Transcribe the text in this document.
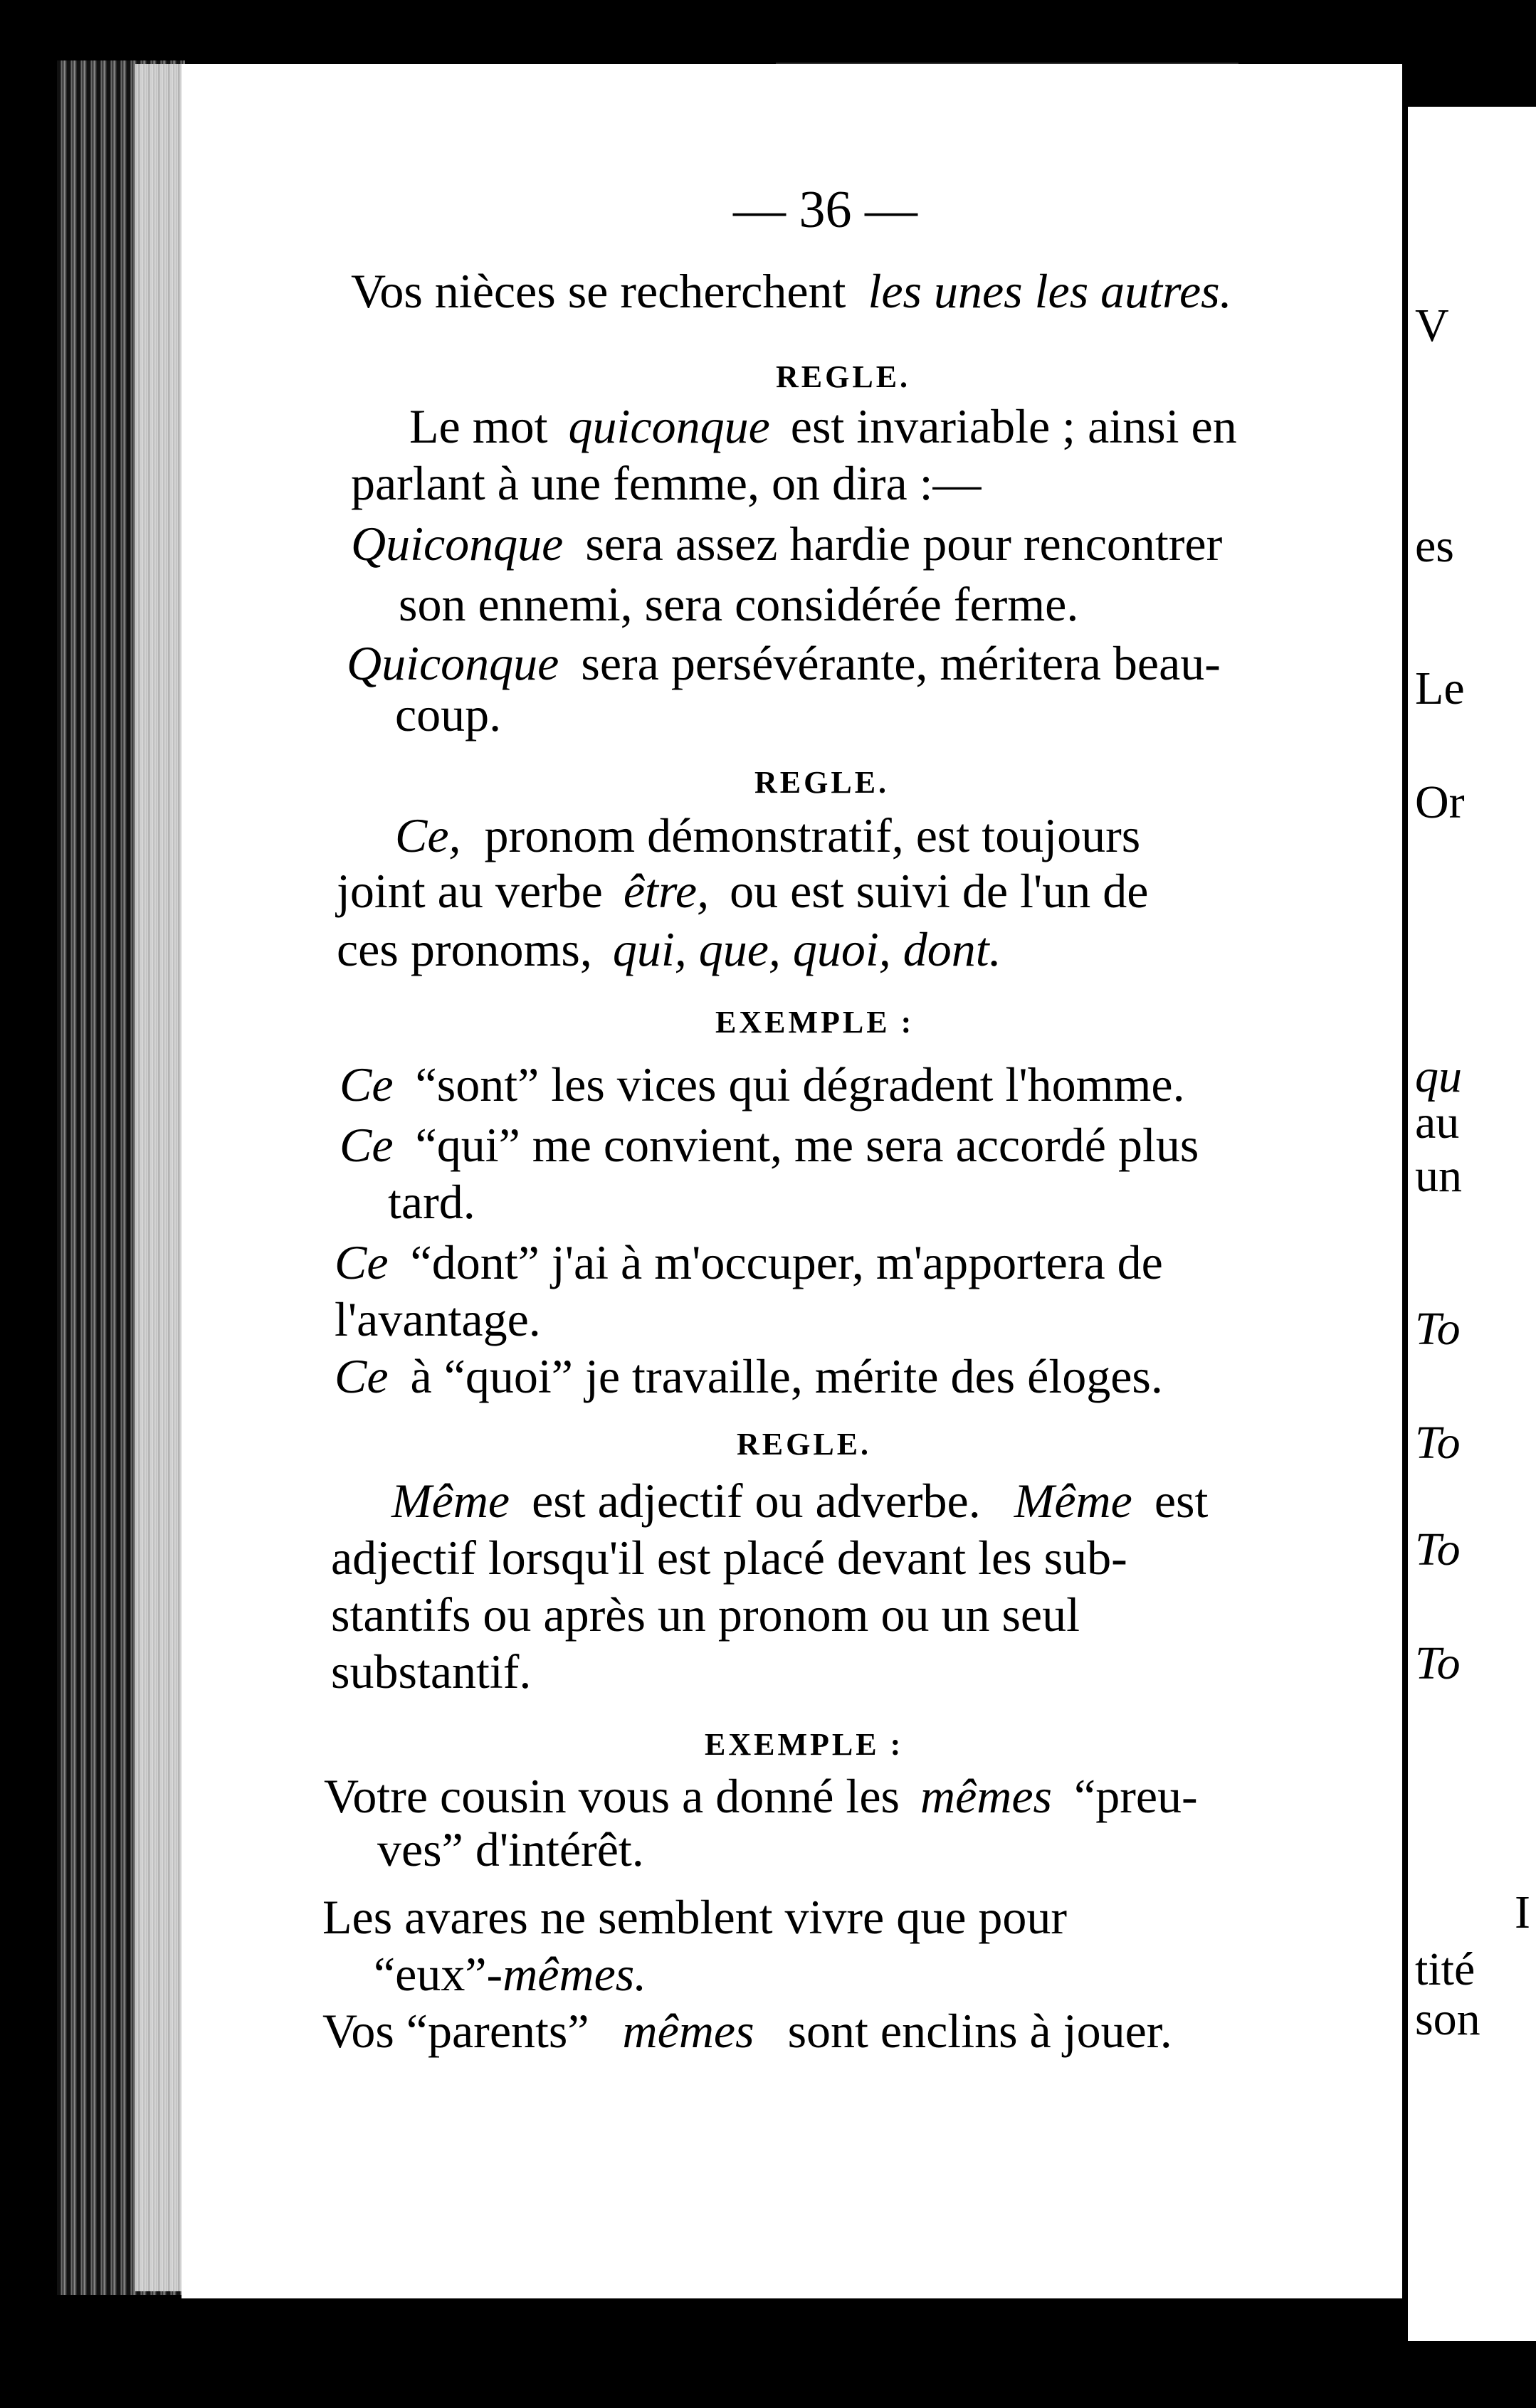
— 36 —
Vos nièces se recherchent les unes les autres.
REGLE.
Le mot quiconque est invariable ; ainsi en
parlant à une femme, on dira :—
Quiconque sera assez hardie pour rencontrer
son ennemi, sera considérée ferme.
Quiconque sera persévérante, méritera beau-
coup.
REGLE.
Ce, pronom démonstratif, est toujours
joint au verbe être, ou est suivi de l'un de
ces pronoms, qui, que, quoi, dont.
EXEMPLE :
Ce “sont” les vices qui dégradent l'homme.
Ce “qui” me convient, me sera accordé plus
tard.
Ce “dont” j'ai à m'occuper, m'apportera de
l'avantage.
Ce à “quoi” je travaille, mérite des éloges.
REGLE.
Même est adjectif ou adverbe. Même est
adjectif lorsqu'il est placé devant les sub-
stantifs ou après un pronom ou un seul
substantif.
EXEMPLE :
Votre cousin vous a donné les mêmes “preu-
ves” d'intérêt.
Les avares ne semblent vivre que pour
“eux”-mêmes.
Vos “parents” mêmes sont enclins à jouer.
V
es
Le
Or
qu
au
un
To
To
To
To
I
tité
son
